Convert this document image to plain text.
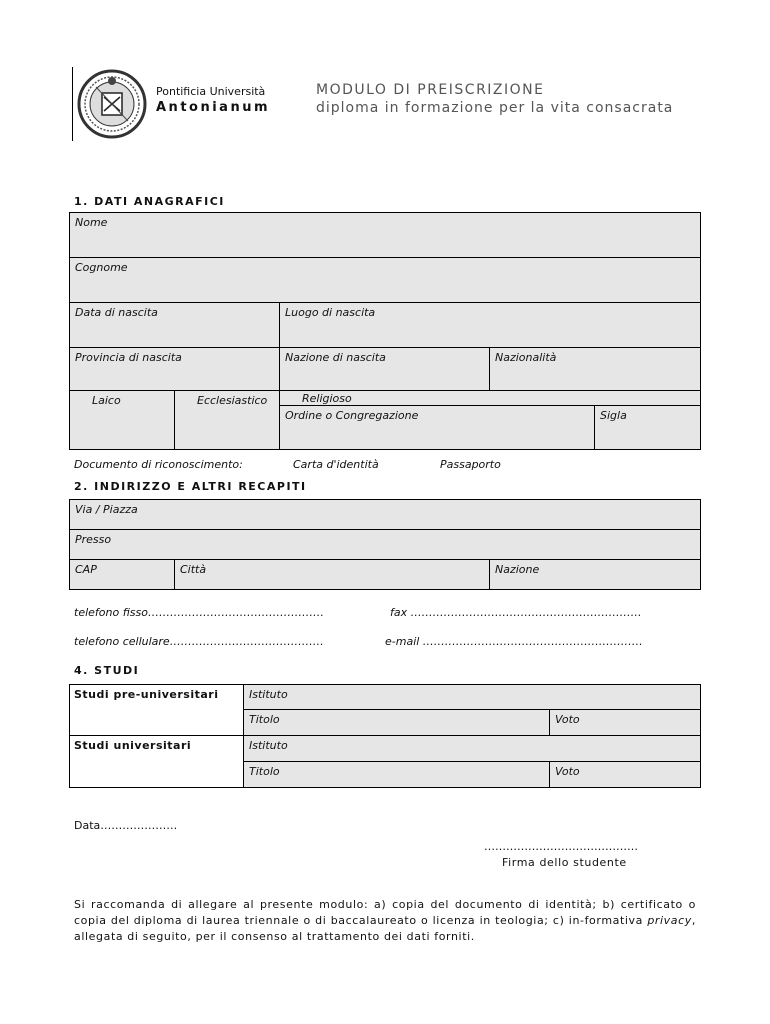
Pontificia Università
Antonianum
MODULO DI PREISCRIZIONE
diploma in formazione per la vita consacrata
1. DATI ANAGRAFICI
Nome
Cognome
Data di nascita	Luogo di nascita
Provincia di nascita	Nazione di nascita	Nazionalità
Laico	Ecclesiastico	Religioso
Ordine o Congregazione	Sigla
Documento di riconoscimento:	Carta d'identità	Passaporto
2. INDIRIZZO E ALTRI RECAPITI
Via / Piazza
Presso
CAP	Città	Nazione
telefono fisso…………………………………………	fax ………………………………………………………
telefono cellulare……………………………………	e-mail ……………………………………………………
4. STUDI
Studi pre-universitari	Istituto
Titolo	Voto
Studi universitari	Istituto
Titolo	Voto
Data…………………
……………………………………
Firma dello studente
Si raccomanda di allegare al presente modulo: a) copia del documento di identità; b) certificato o copia del diploma di laurea triennale o di baccalaureato o licenza in teologia; c) in-formativa privacy, allegata di seguito, per il consenso al trattamento dei dati forniti.
